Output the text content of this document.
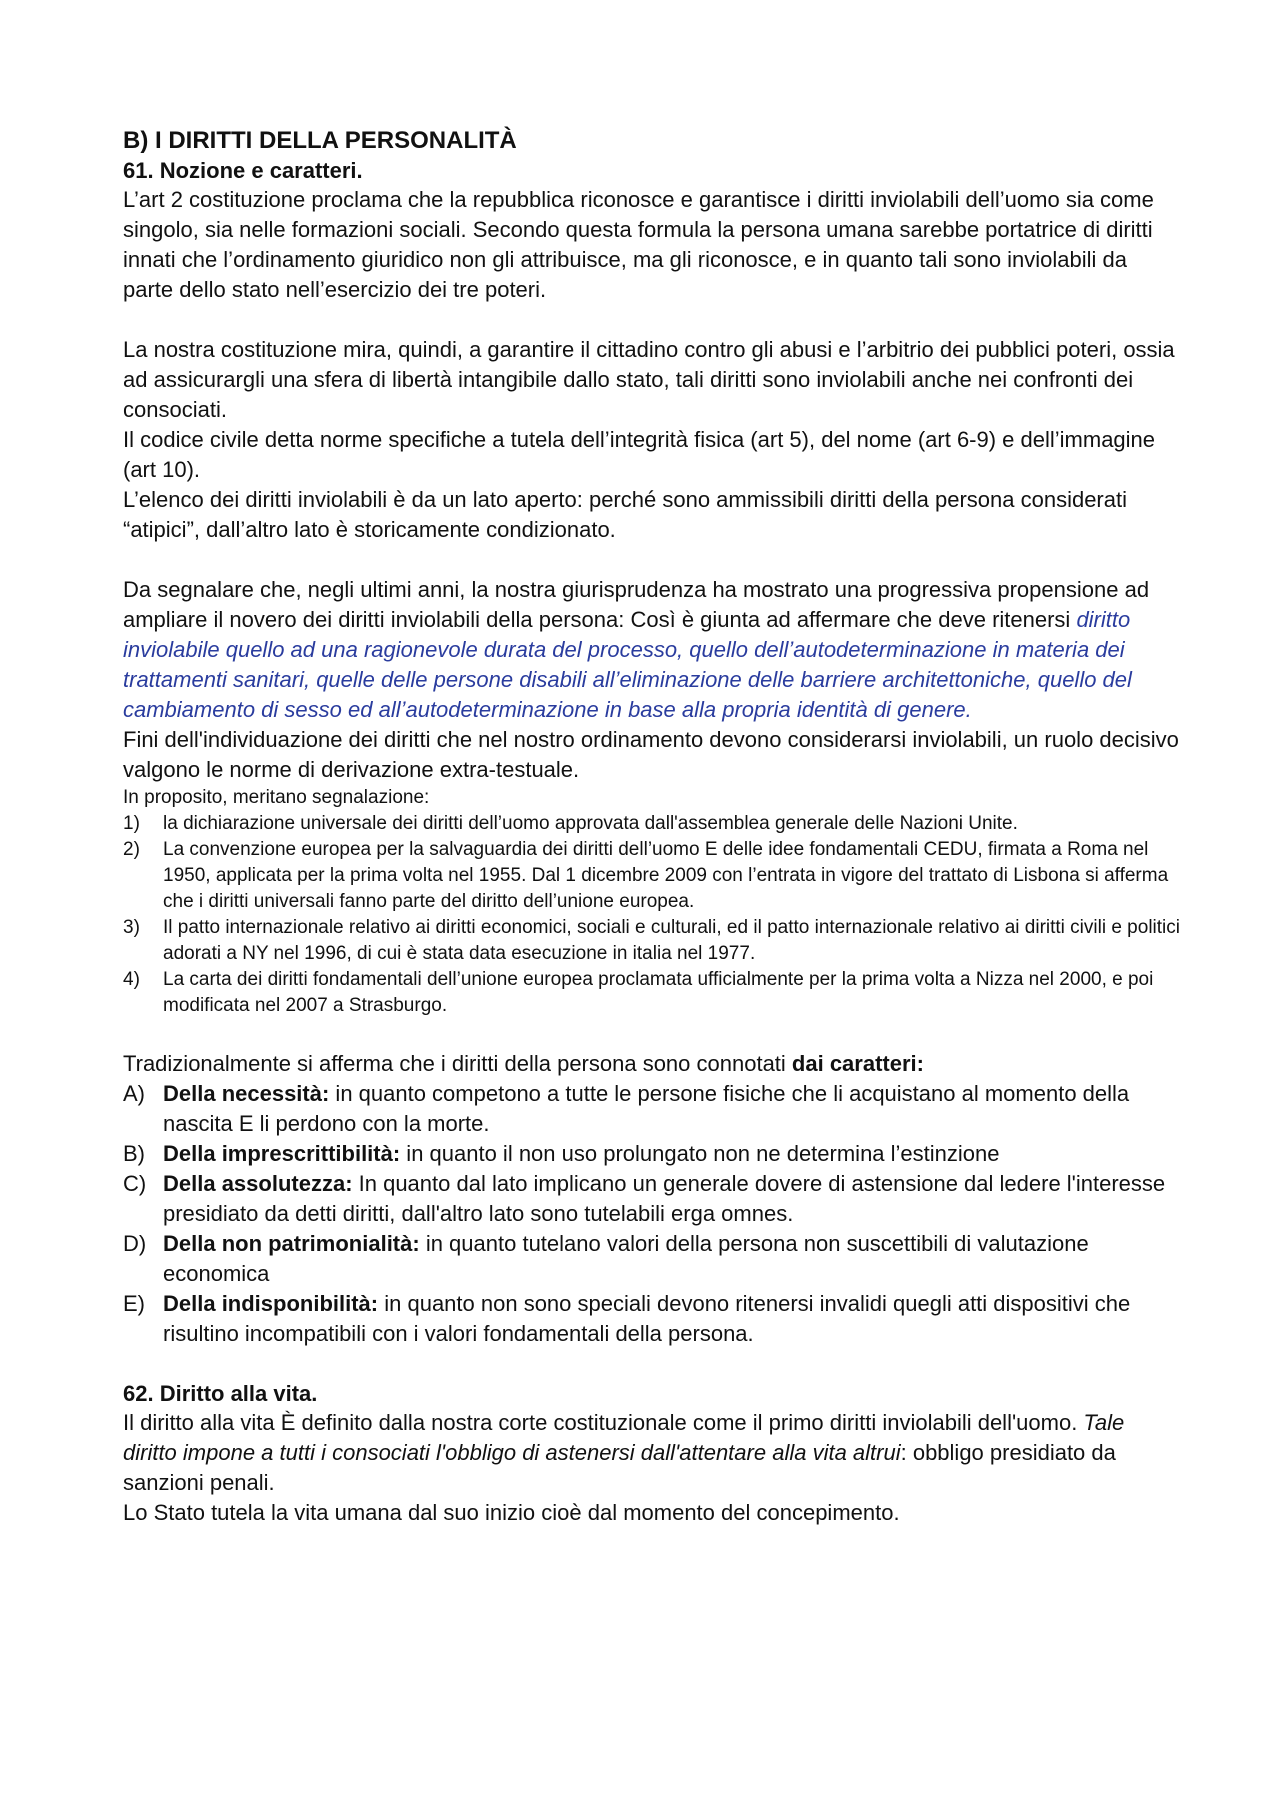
B) I DIRITTI DELLA PERSONALITÀ
61. Nozione e caratteri.

L’art 2 costituzione proclama che la repubblica riconosce e garantisce i diritti inviolabili dell’uomo sia come singolo, sia nelle formazioni sociali. Secondo questa formula la persona umana sarebbe portatrice di diritti innati che l’ordinamento giuridico non gli attribuisce, ma gli riconosce, e in quanto tali sono inviolabili da parte dello stato nell’esercizio dei tre poteri.

La nostra costituzione mira, quindi, a garantire il cittadino contro gli abusi e l’arbitrio dei pubblici poteri, ossia ad assicurargli una sfera di libertà intangibile dallo stato, tali diritti sono inviolabili anche nei confronti dei consociati.

Il codice civile detta norme specifiche a tutela dell’integrità fisica (art 5), del nome (art 6-9) e dell’immagine (art 10).

L’elenco dei diritti inviolabili è da un lato aperto: perché sono ammissibili diritti della persona considerati “atipici”, dall’altro lato è storicamente condizionato.

Da segnalare che, negli ultimi anni, la nostra giurisprudenza ha mostrato una progressiva propensione ad ampliare il novero dei diritti inviolabili della persona: Così è giunta ad affermare che deve ritenersi diritto inviolabile quello ad una ragionevole durata del processo, quello dell’autodeterminazione in materia dei trattamenti sanitari, quelle delle persone disabili all’eliminazione delle barriere architettoniche, quello del cambiamento di sesso ed all’autodeterminazione in base alla propria identità di genere.

Fini dell'individuazione dei diritti che nel nostro ordinamento devono considerarsi inviolabili, un ruolo decisivo valgono le norme di derivazione extra-testuale.

In proposito, meritano segnalazione:

1) la dichiarazione universale dei diritti dell’uomo approvata dall'assemblea generale delle Nazioni Unite.
2) La convenzione europea per la salvaguardia dei diritti dell’uomo E delle idee fondamentali CEDU, firmata a Roma nel 1950, applicata per la prima volta nel 1955. Dal 1 dicembre 2009 con l’entrata in vigore del trattato di Lisbona si afferma che i diritti universali fanno parte del diritto dell’unione europea.
3) Il patto internazionale relativo ai diritti economici, sociali e culturali, ed il patto internazionale relativo ai diritti civili e politici adorati a NY nel 1996, di cui è stata data esecuzione in italia nel 1977.
4) La carta dei diritti fondamentali dell’unione europea proclamata ufficialmente per la prima volta a Nizza nel 2000, e poi modificata nel 2007 a Strasburgo.

Tradizionalmente si afferma che i diritti della persona sono connotati dai caratteri:

A) Della necessità: in quanto competono a tutte le persone fisiche che li acquistano al momento della nascita E li perdono con la morte.
B) Della imprescrittibilità: in quanto il non uso prolungato non ne determina l’estinzione
C) Della assolutezza: In quanto dal lato implicano un generale dovere di astensione dal ledere l'interesse presidiato da detti diritti, dall'altro lato sono tutelabili erga omnes.
D) Della non patrimonialità: in quanto tutelano valori della persona non suscettibili di valutazione economica
E) Della indisponibilità: in quanto non sono speciali devono ritenersi invalidi quegli atti dispositivi che risultino incompatibili con i valori fondamentali della persona.
62. Diritto alla vita.

Il diritto alla vita È definito dalla nostra corte costituzionale come il primo diritti inviolabili dell'uomo. Tale diritto impone a tutti i consociati l'obbligo di astenersi dall'attentare alla vita altrui: obbligo presidiato da sanzioni penali.

Lo Stato tutela la vita umana dal suo inizio cioè dal momento del concepimento.
